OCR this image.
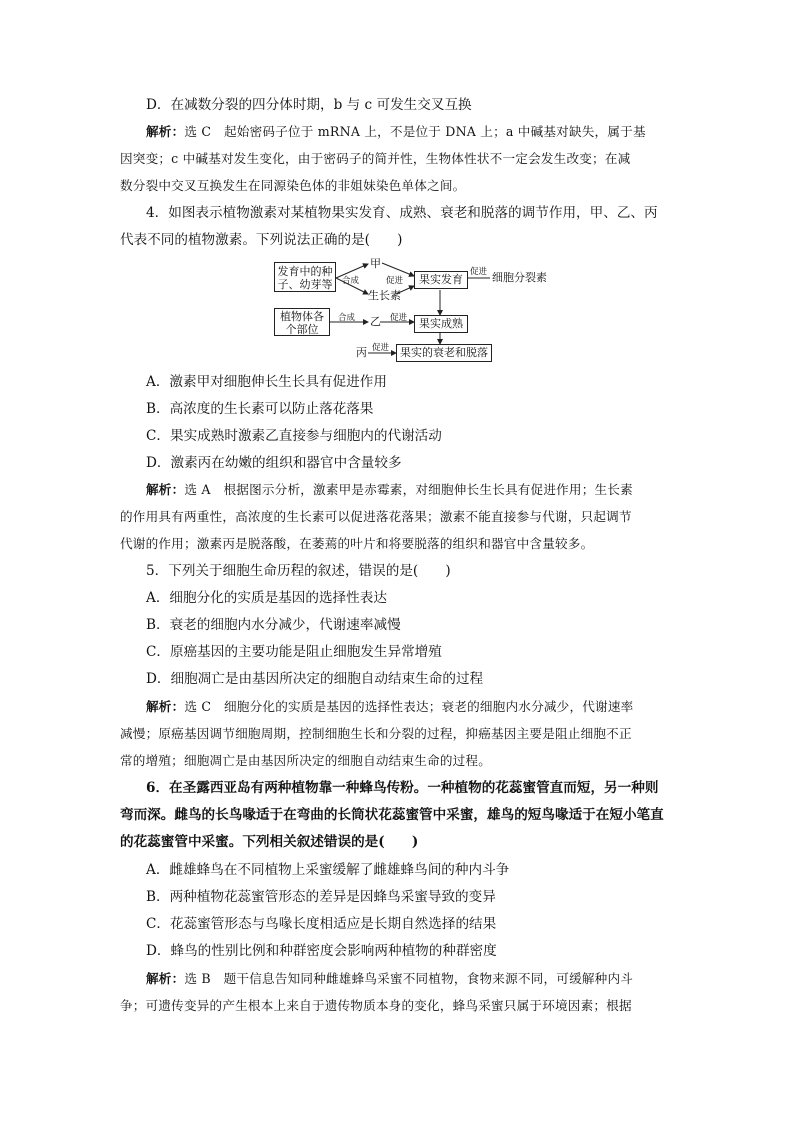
D．在减数分裂的四分体时期，b 与 c 可发生交叉互换
解析：选 C　起始密码子位于 mRNA 上，不是位于 DNA 上；a 中碱基对缺失，属于基
因突变；c 中碱基对发生变化，由于密码子的简并性，生物体性状不一定会发生改变；在减
数分裂中交叉互换发生在同源染色体的非姐妹染色单体之间。
4．如图表示植物激素对某植物果实发育、成熟、衰老和脱落的调节作用，甲、乙、丙
代表不同的植物激素。下列说法正确的是(　　)
发育中的种
子、幼芽等
植物体各
个部位
甲
生长素
乙
丙
合成
合成
促进
促进
促进
促进
果实发育	细胞分裂素
果实成熟
果实的衰老和脱落
A．激素甲对细胞伸长生长具有促进作用
B．高浓度的生长素可以防止落花落果
C．果实成熟时激素乙直接参与细胞内的代谢活动
D．激素丙在幼嫩的组织和器官中含量较多
解析：选 A　根据图示分析，激素甲是赤霉素，对细胞伸长生长具有促进作用；生长素
的作用具有两重性，高浓度的生长素可以促进落花落果；激素不能直接参与代谢，只起调节
代谢的作用；激素丙是脱落酸，在萎蔫的叶片和将要脱落的组织和器官中含量较多。
5．下列关于细胞生命历程的叙述，错误的是(　　)
A．细胞分化的实质是基因的选择性表达
B．衰老的细胞内水分减少，代谢速率减慢
C．原癌基因的主要功能是阻止细胞发生异常增殖
D．细胞凋亡是由基因所决定的细胞自动结束生命的过程
解析：选 C　细胞分化的实质是基因的选择性表达；衰老的细胞内水分减少，代谢速率
减慢；原癌基因调节细胞周期，控制细胞生长和分裂的过程，抑癌基因主要是阻止细胞不正
常的增殖；细胞凋亡是由基因所决定的细胞自动结束生命的过程。
6．在圣露西亚岛有两种植物靠一种蜂鸟传粉。一种植物的花蕊蜜管直而短，另一种则
弯而深。雌鸟的长鸟喙适于在弯曲的长筒状花蕊蜜管中采蜜，雄鸟的短鸟喙适于在短小笔直
的花蕊蜜管中采蜜。下列相关叙述错误的是(　　)
A．雌雄蜂鸟在不同植物上采蜜缓解了雌雄蜂鸟间的种内斗争
B．两种植物花蕊蜜管形态的差异是因蜂鸟采蜜导致的变异
C．花蕊蜜管形态与鸟喙长度相适应是长期自然选择的结果
D．蜂鸟的性别比例和种群密度会影响两种植物的种群密度
解析：选 B　题干信息告知同种雌雄蜂鸟采蜜不同植物，食物来源不同，可缓解种内斗
争；可遗传变异的产生根本上来自于遗传物质本身的变化，蜂鸟采蜜只属于环境因素；根据
